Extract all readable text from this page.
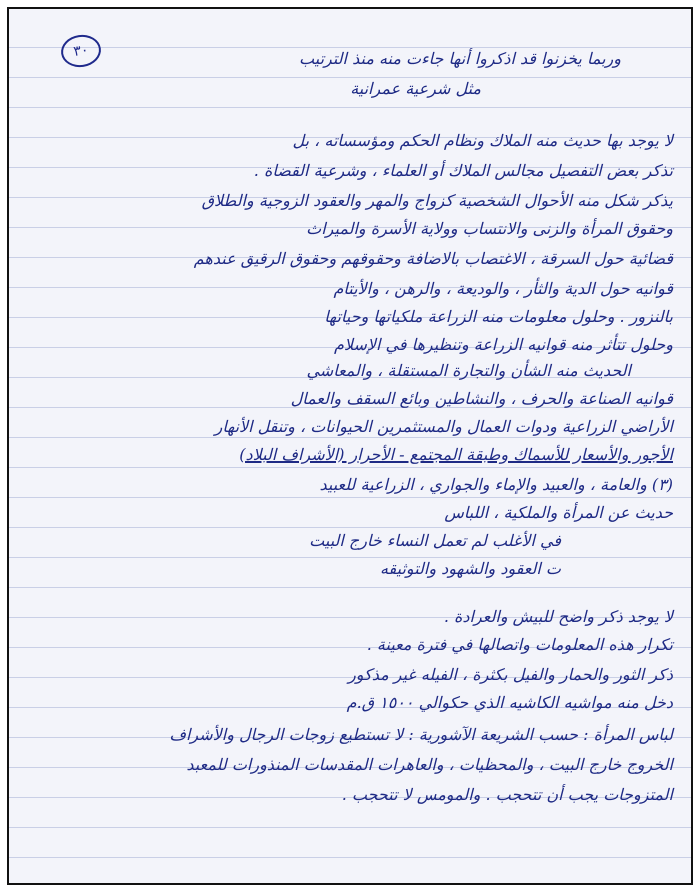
٣٠	وربما يخزنوا قد اذكروا أنها جاءت منه منذ الترتيب
مثل شرعية عمرانية
لا يوجد بها حديث منه الملاك ونظام الحكم ومؤسساته ، بل
تذكر بعض التفصيل مجالس الملاك أو العلماء ، وشرعية القضاة .
يذكر شكل منه الأحوال الشخصية كزواج والمهر والعقود الزوجية والطلاق
وحقوق المرأة والزنى والانتساب وولاية الأسرة والميراث
قضائية حول السرقة ، الاغتصاب بالاضافة وحقوقهم وحقوق الرقيق عندهم
قوانيه حول الدية والثأر ، والوديعة ، والرهن ، والأيتام
بالنزور . وحلول معلومات منه الزراعة ملكياتها وحياتها
وحلول تتأثر منه قوانيه الزراعة وتنظيرها في الإسلام
الحديث منه الشأن والتجارة المستقلة ، والمعاشي
قوانيه الصناعة والحرف ، والنشاطين وبائع السقف والعمال
الأراضي الزراعية ودوات العمال والمستثمرين الحيوانات ، وتنقل الأنهار
الأجور والأسعار للأسماك وطبقة المجتمع - الأحرار (الأشراف البلاد)
(٣) والعامة ، والعبيد والإماء والجواري ، الزراعية للعبيد
حديث عن المرأة والملكية ، اللباس
في الأغلب لم تعمل النساء خارج البيت
ت العقود والشهود والتوثيقه
لا يوجد ذكر واضح للبيش والعرادة .
تكرار هذه المعلومات واتصالها في فترة معينة .
ذكر الثور والحمار والفيل بكثرة ، الفيله غير مذكور
دخل منه مواشيه الكاشيه الذي حكوالي ١٥٠٠ ق.م
لباس المرأة : حسب الشريعة الآشورية : لا تستطيع زوجات الرجال والأشراف
الخروج خارج البيت ، والمحظيات ، والعاهرات المقدسات المنذورات للمعبد
المتزوجات يجب أن تتحجب . والمومس لا تتحجب .
